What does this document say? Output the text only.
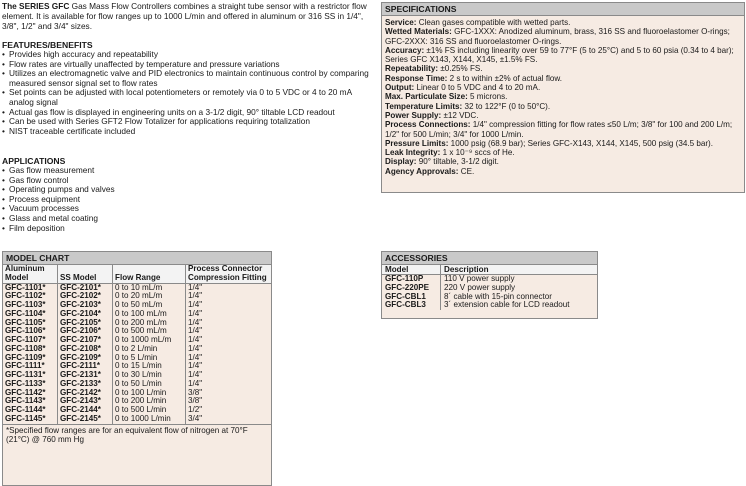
The SERIES GFC Gas Mass Flow Controllers combines a straight tube sensor with a restrictor flow element. It is available for flow ranges up to 1000 L/min and offered in aluminum or 316 SS in 1/4", 3/8", 1/2" and 3/4" sizes.
FEATURES/BENEFITS
• Provides high accuracy and repeatability
• Flow rates are virtually unaffected by temperature and pressure variations
• Utilizes an electromagnetic valve and PID electronics to maintain continuous control by comparing measured sensor signal set to flow rates
• Set points can be adjusted with local potentiometers or remotely via 0 to 5 VDC or 4 to 20 mA analog signal
• Actual gas flow is displayed in engineering units on a 3-1/2 digit, 90° tiltable LCD readout
• Can be used with Series GFT2 Flow Totalizer for applications requiring totalization
• NIST traceable certificate included
APPLICATIONS
• Gas flow measurement
• Gas flow control
• Operating pumps and valves
• Process equipment
• Vacuum processes
• Glass and metal coating
• Film deposition
SPECIFICATIONS

Service: Clean gases compatible with wetted parts.

Wetted Materials: GFC-1XXX: Anodized aluminum, brass, 316 SS and fluoroelastomer O-rings; GFC-2XXX: 316 SS and fluoroelastomer O-rings.

Accuracy: ±1% FS including linearity over 59 to 77°F (5 to 25°C) and 5 to 60 psia (0.34 to 4 bar); Series GFC X143, X144, X145, ±1.5% FS.

Repeatability: ±0.25% FS.

Response Time: 2 s to within ±2% of actual flow.

Output: Linear 0 to 5 VDC and 4 to 20 mA.

Max. Particulate Size: 5 microns.

Temperature Limits: 32 to 122°F (0 to 50°C).

Power Supply: ±12 VDC.

Process Connections: 1/4" compression fitting for flow rates ≤50 L/m; 3/8" for 100 and 200 L/m; 1/2" for 500 L/min; 3/4" for 1000 L/min.

Pressure Limits: 1000 psig (68.9 bar); Series GFC-X143, X144, X145, 500 psig (34.5 bar).

Leak Integrity: 1 x 10⁻⁹ sccs of He.

Display: 90° tiltable, 3-1/2 digit.

Agency Approvals: CE.

MODEL CHART
Aluminum Model	SS Model	Flow Range	Process Connector Compression Fitting
GFC-1101*	GFC-2101*	0 to 10 mL/m	1/4"
GFC-1102*	GFC-2102*	0 to 20 mL/m	1/4"
GFC-1103*	GFC-2103*	0 to 50 mL/m	1/4"
GFC-1104*	GFC-2104*	0 to 100 mL/m	1/4"
GFC-1105*	GFC-2105*	0 to 200 mL/m	1/4"
GFC-1106*	GFC-2106*	0 to 500 mL/m	1/4"
GFC-1107*	GFC-2107*	0 to 1000 mL/m	1/4"
GFC-1108*	GFC-2108*	0 to 2 L/min	1/4"
GFC-1109*	GFC-2109*	0 to 5 L/min	1/4"
GFC-1111*	GFC-2111*	0 to 15 L/min	1/4"
GFC-1131*	GFC-2131*	0 to 30 L/min	1/4"
GFC-1133*	GFC-2133*	0 to 50 L/min	1/4"
GFC-1142*	GFC-2142*	0 to 100 L/min	3/8"
GFC-1143*	GFC-2143*	0 to 200 L/min	3/8"
GFC-1144*	GFC-2144*	0 to 500 L/min	1/2"
GFC-1145*	GFC-2145*	0 to 1000 L/min	3/4"
*Specified flow ranges are for an equivalent flow of nitrogen at 70°F (21°C) @ 760 mm Hg
ACCESSORIES
Model	Description
GFC-110P	110 V power supply
GFC-220PE	220 V power supply
GFC-CBL1	8´ cable with 15-pin connector
GFC-CBL3	3´ extension cable for LCD readout
